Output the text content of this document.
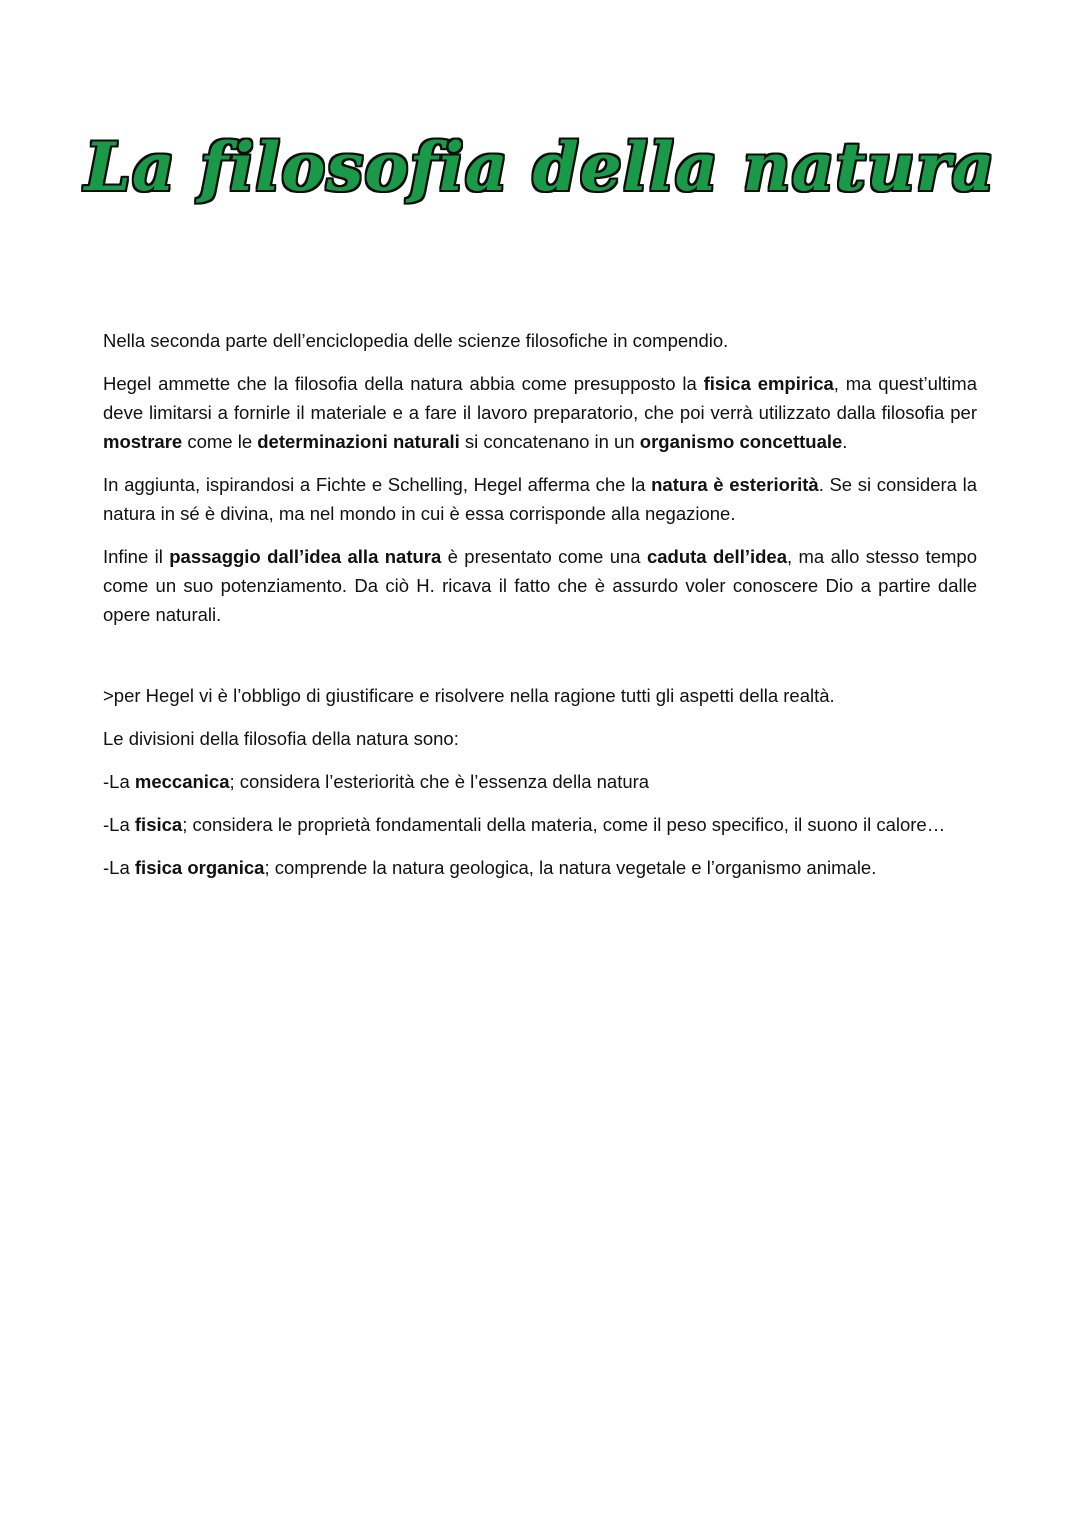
La filosofia della natura

Nella seconda parte dell’enciclopedia delle scienze filosofiche in compendio.

Hegel ammette che la filosofia della natura abbia come presupposto la fisica empirica, ma quest’ultima deve limitarsi a fornirle il materiale e a fare il lavoro preparatorio, che poi verrà utilizzato dalla filosofia per mostrare come le determinazioni naturali si concatenano in un organismo concettuale.

In aggiunta, ispirandosi a Fichte e Schelling, Hegel afferma che la natura è esteriorità. Se si considera la natura in sé è divina, ma nel mondo in cui è essa corrisponde alla negazione.

Infine il passaggio dall’idea alla natura è presentato come una caduta dell’idea, ma allo stesso tempo come un suo potenziamento. Da ciò H. ricava il fatto che è assurdo voler conoscere Dio a partire dalle opere naturali.

>per Hegel vi è l’obbligo di giustificare e risolvere nella ragione tutti gli aspetti della realtà.

Le divisioni della filosofia della natura sono:

-La meccanica; considera l’esteriorità che è l’essenza della natura

-La fisica; considera le proprietà fondamentali della materia, come il peso specifico, il suono il calore…

-La fisica organica; comprende la natura geologica, la natura vegetale e l’organismo animale.
